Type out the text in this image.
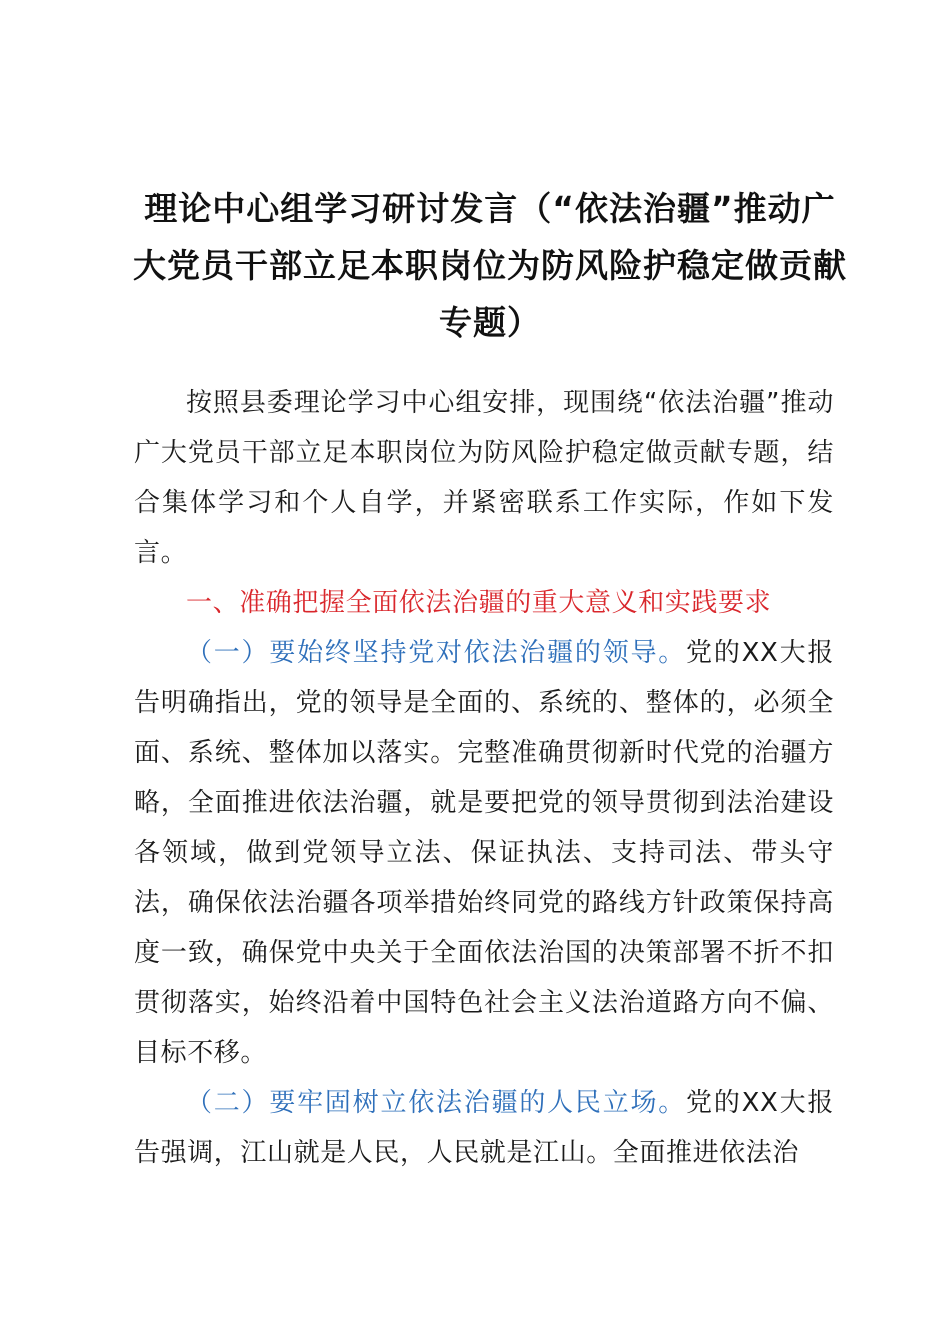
理论中心组学习研讨发言（“依法治疆”推动广大党员干部立足本职岗位为防风险护稳定做贡献专题）

按照县委理论学习中心组安排，现围绕“依法治疆”推动广大党员干部立足本职岗位为防风险护稳定做贡献专题，结合集体学习和个人自学，并紧密联系工作实际，作如下发言。

一、准确把握全面依法治疆的重大意义和实践要求

（一）要始终坚持党对依法治疆的领导。党的XX大报告明确指出，党的领导是全面的、系统的、整体的，必须全面、系统、整体加以落实。完整准确贯彻新时代党的治疆方略，全面推进依法治疆，就是要把党的领导贯彻到法治建设各领域，做到党领导立法、保证执法、支持司法、带头守法，确保依法治疆各项举措始终同党的路线方针政策保持高度一致，确保党中央关于全面依法治国的决策部署不折不扣贯彻落实，始终沿着中国特色社会主义法治道路方向不偏、目标不移。

（二）要牢固树立依法治疆的人民立场。党的XX大报告强调，江山就是人民，人民就是江山。全面推进依法治
